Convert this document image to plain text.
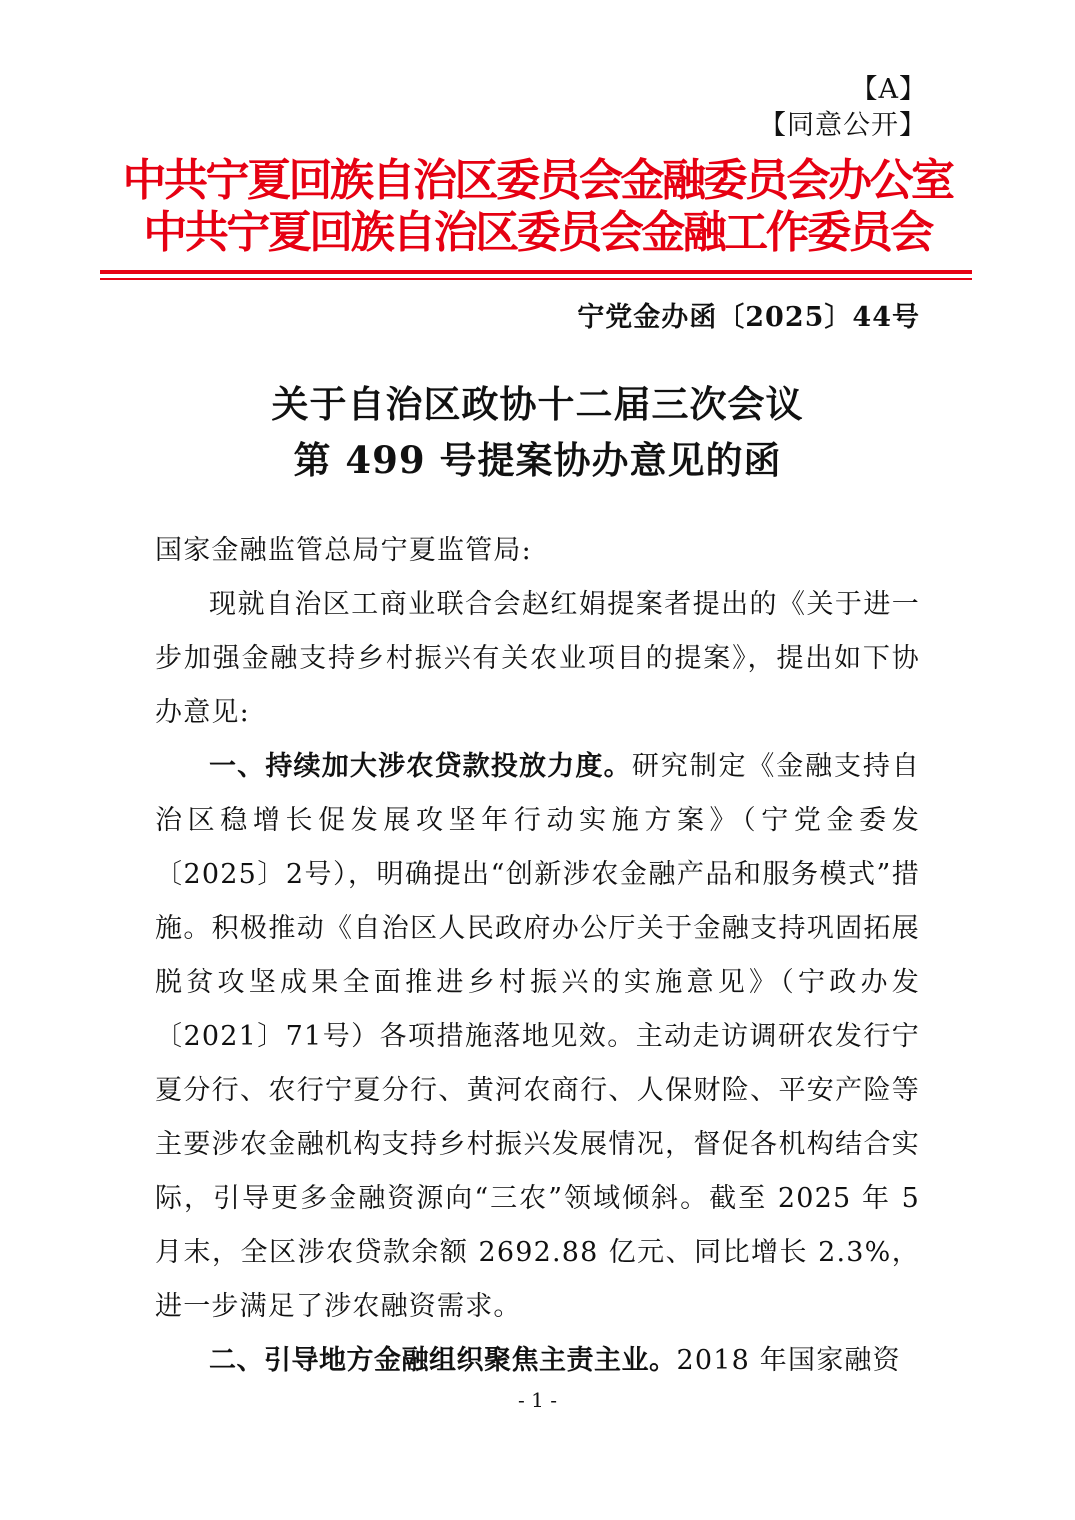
【A】
【同意公开】
中共宁夏回族自治区委员会金融委员会办公室
中共宁夏回族自治区委员会金融工作委员会
宁党金办函〔2025〕44号
关于自治区政协十二届三次会议
第 499 号提案协办意见的函

国家金融监管总局宁夏监管局:

现就自治区工商业联合会赵红娟提案者提出的《关于进一步加强金融支持乡村振兴有关农业项目的提案》，提出如下协办意见:

一、持续加大涉农贷款投放力度。研究制定《金融支持自治区稳增长促发展攻坚年行动实施方案》（宁党金委发〔2025〕2号），明确提出“创新涉农金融产品和服务模式”措施。积极推动《自治区人民政府办公厅关于金融支持巩固拓展脱贫攻坚成果全面推进乡村振兴的实施意见》（宁政办发〔2021〕71号）各项措施落地见效。主动走访调研农发行宁夏分行、农行宁夏分行、黄河农商行、人保财险、平安产险等主要涉农金融机构支持乡村振兴发展情况，督促各机构结合实际，引导更多金融资源向“三农”领域倾斜。截至 2025 年 5 月末，全区涉农贷款余额 2692.88 亿元、同比增长 2.3%，进一步满足了涉农融资需求。

二、引导地方金融组织聚焦主责主业。2018 年国家融资

- 1 -
